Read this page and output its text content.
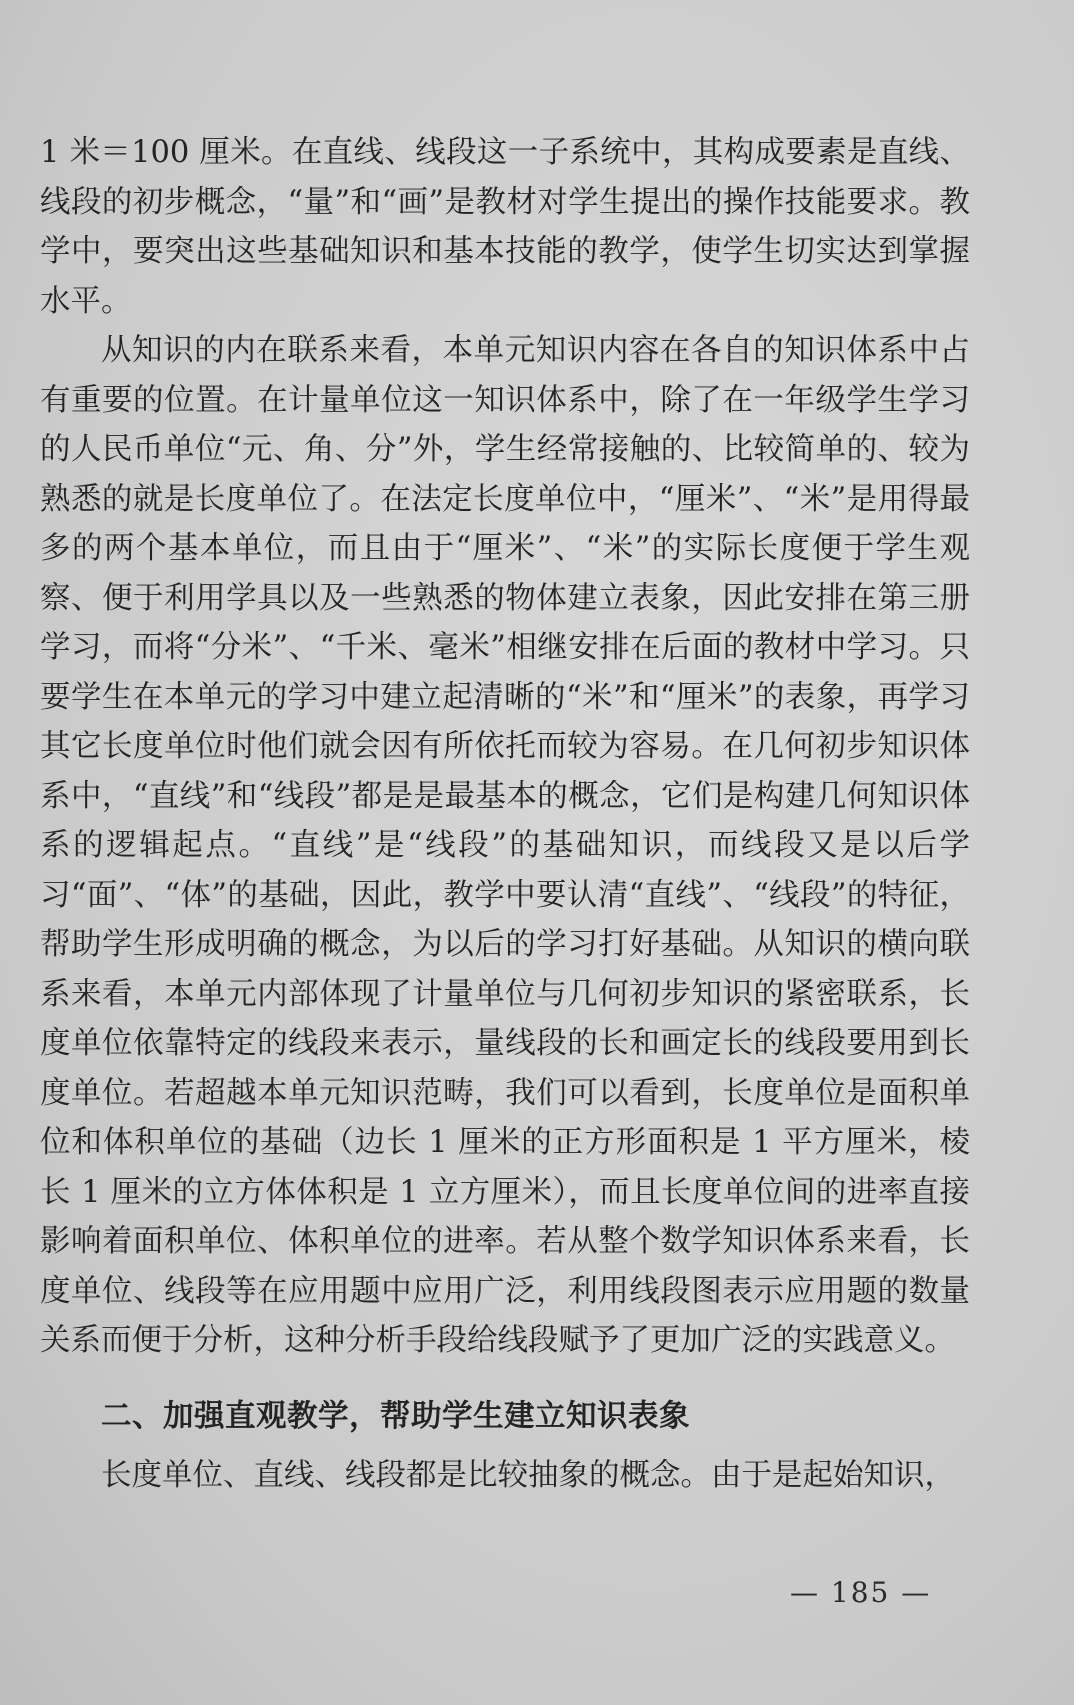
1 米＝100 厘米。在直线、线段这一子系统中，其构成要素是直线、线段的初步概念，“量”和“画”是教材对学生提出的操作技能要求。教学中，要突出这些基础知识和基本技能的教学，使学生切实达到掌握水平。

从知识的内在联系来看，本单元知识内容在各自的知识体系中占有重要的位置。在计量单位这一知识体系中，除了在一年级学生学习的人民币单位“元、角、分”外，学生经常接触的、比较简单的、较为熟悉的就是长度单位了。在法定长度单位中，“厘米”、“米”是用得最多的两个基本单位，而且由于“厘米”、“米”的实际长度便于学生观察、便于利用学具以及一些熟悉的物体建立表象，因此安排在第三册学习，而将“分米”、“千米、毫米”相继安排在后面的教材中学习。只要学生在本单元的学习中建立起清晰的“米”和“厘米”的表象，再学习其它长度单位时他们就会因有所依托而较为容易。在几何初步知识体系中，“直线”和“线段”都是是最基本的概念，它们是构建几何知识体系的逻辑起点。“直线”是“线段”的基础知识，而线段又是以后学习“面”、“体”的基础，因此，教学中要认清“直线”、“线段”的特征，帮助学生形成明确的概念，为以后的学习打好基础。从知识的横向联系来看，本单元内部体现了计量单位与几何初步知识的紧密联系，长度单位依靠特定的线段来表示，量线段的长和画定长的线段要用到长度单位。若超越本单元知识范畴，我们可以看到，长度单位是面积单位和体积单位的基础（边长 1 厘米的正方形面积是 1 平方厘米，棱长 1 厘米的立方体体积是 1 立方厘米），而且长度单位间的进率直接影响着面积单位、体积单位的进率。若从整个数学知识体系来看，长度单位、线段等在应用题中应用广泛，利用线段图表示应用题的数量关系而便于分析，这种分析手段给线段赋予了更加广泛的实践意义。

二、加强直观教学，帮助学生建立知识表象

长度单位、直线、线段都是比较抽象的概念。由于是起始知识，

— 185 —
